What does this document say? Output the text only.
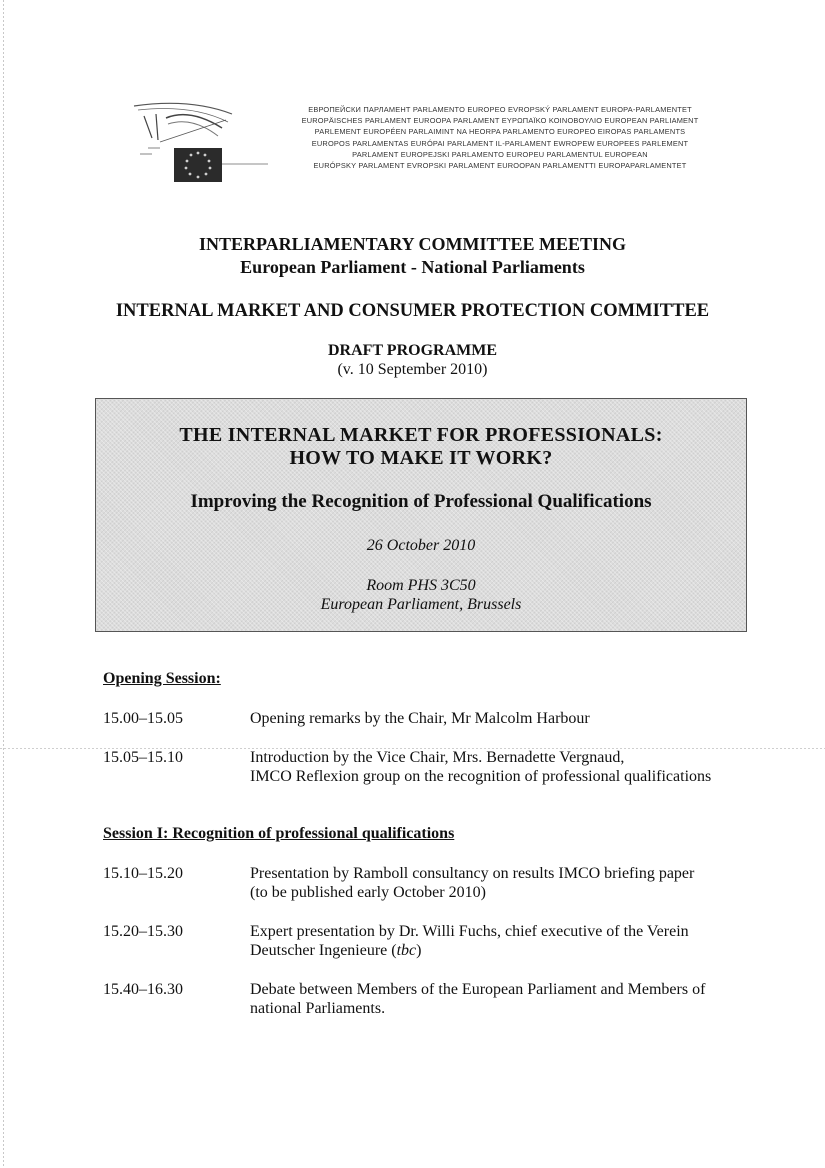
ЕВРОПЕЙСКИ ПАРЛАМЕНТ PARLAMENTO EUROPEO EVROPSKÝ PARLAMENT EUROPA-PARLAMENTET
EUROPÄISCHES PARLAMENT EUROOPA PARLAMENT ΕΥΡΩΠΑΪΚΟ ΚΟΙΝΟΒΟΥΛΙΟ EUROPEAN PARLIAMENT
PARLEMENT EUROPÉEN PARLAIMINT NA HEORPA PARLAMENTO EUROPEO EIROPAS PARLAMENTS
EUROPOS PARLAMENTAS EURÓPAI PARLAMENT IL-PARLAMENT EWROPEW EUROPEES PARLEMENT
PARLAMENT EUROPEJSKI PARLAMENTO EUROPEU PARLAMENTUL EUROPEAN
EURÓPSKY PARLAMENT EVROPSKI PARLAMENT EUROOPAN PARLAMENTTI EUROPAPARLAMENTET
INTERPARLIAMENTARY COMMITTEE MEETING
European Parliament - National Parliaments
INTERNAL MARKET AND CONSUMER PROTECTION COMMITTEE
DRAFT PROGRAMME
(v. 10 September 2010)
THE INTERNAL MARKET FOR PROFESSIONALS:
HOW TO MAKE IT WORK?
Improving the Recognition of Professional Qualifications
26 October 2010
Room PHS 3C50
European Parliament, Brussels
Opening Session:
15.00–15.05	Opening remarks by the Chair, Mr Malcolm Harbour
15.05–15.10	Introduction by the Vice Chair, Mrs. Bernadette Vergnaud,
IMCO Reflexion group on the recognition of professional qualifications
Session I: Recognition of professional qualifications
15.10–15.20	Presentation by Ramboll consultancy on results IMCO briefing paper
(to be published early October 2010)
15.20–15.30	Expert presentation by Dr. Willi Fuchs, chief executive of the Verein
Deutscher Ingenieure (tbc)
15.40–16.30	Debate between Members of the European Parliament and Members of
national Parliaments.
